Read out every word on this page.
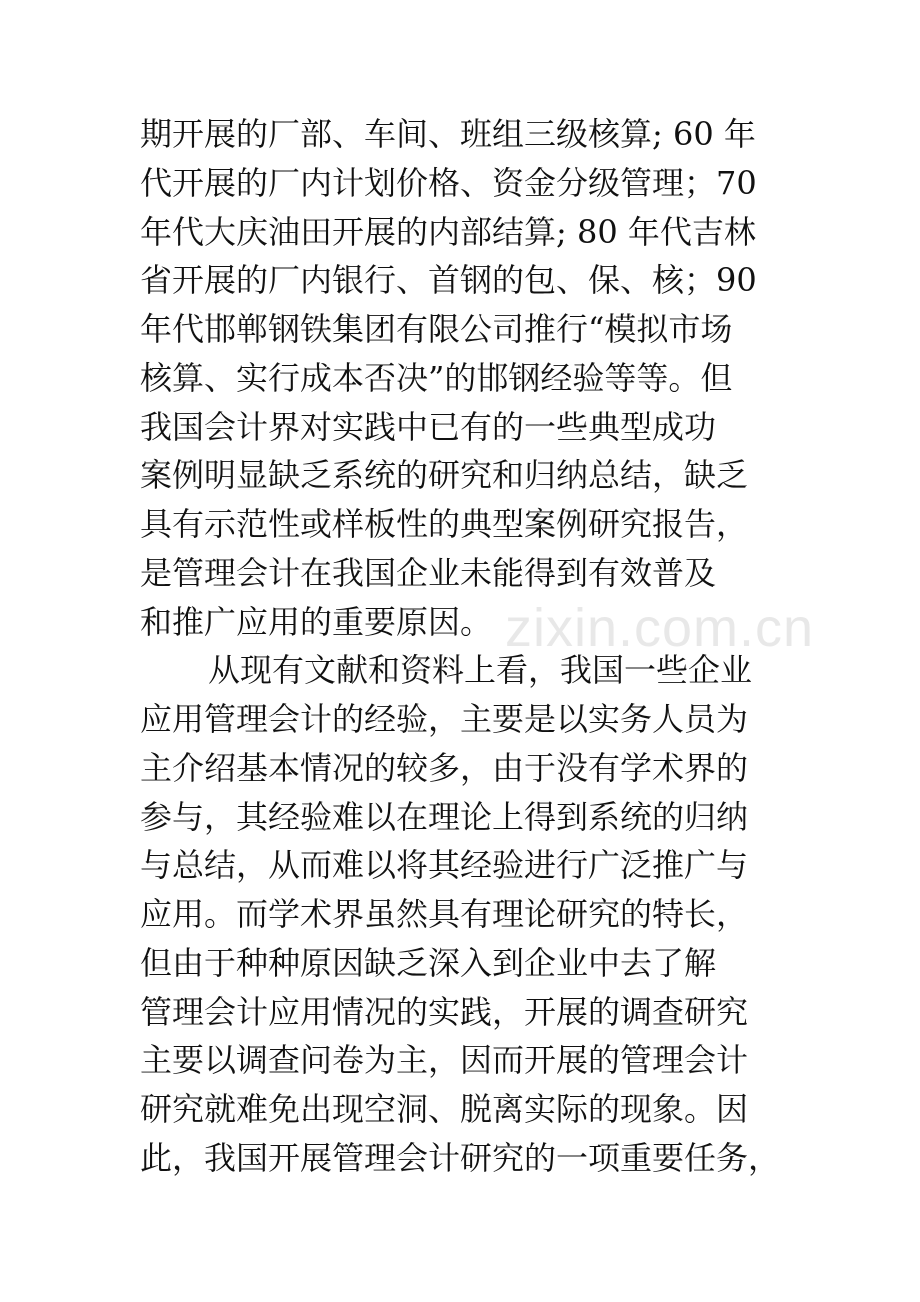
期开展的厂部、车间、班组三级核算; 60 年
代开展的厂内计划价格、资金分级管理；70
年代大庆油田开展的内部结算; 80 年代吉林
省开展的厂内银行、首钢的包、保、核；90
年代邯郸钢铁集团有限公司推行“模拟市场
核算、实行成本否决”的邯钢经验等等。但
我国会计界对实践中已有的一些典型成功
案例明显缺乏系统的研究和归纳总结，缺乏
具有示范性或样板性的典型案例研究报告，
是管理会计在我国企业未能得到有效普及
和推广应用的重要原因。
从现有文献和资料上看，我国一些企业
应用管理会计的经验，主要是以实务人员为
主介绍基本情况的较多，由于没有学术界的
参与，其经验难以在理论上得到系统的归纳
与总结，从而难以将其经验进行广泛推广与
应用。而学术界虽然具有理论研究的特长，
但由于种种原因缺乏深入到企业中去了解
管理会计应用情况的实践，开展的调查研究
主要以调查问卷为主，因而开展的管理会计
研究就难免出现空洞、脱离实际的现象。因
此，我国开展管理会计研究的一项重要任务，
zixin.com.cn
